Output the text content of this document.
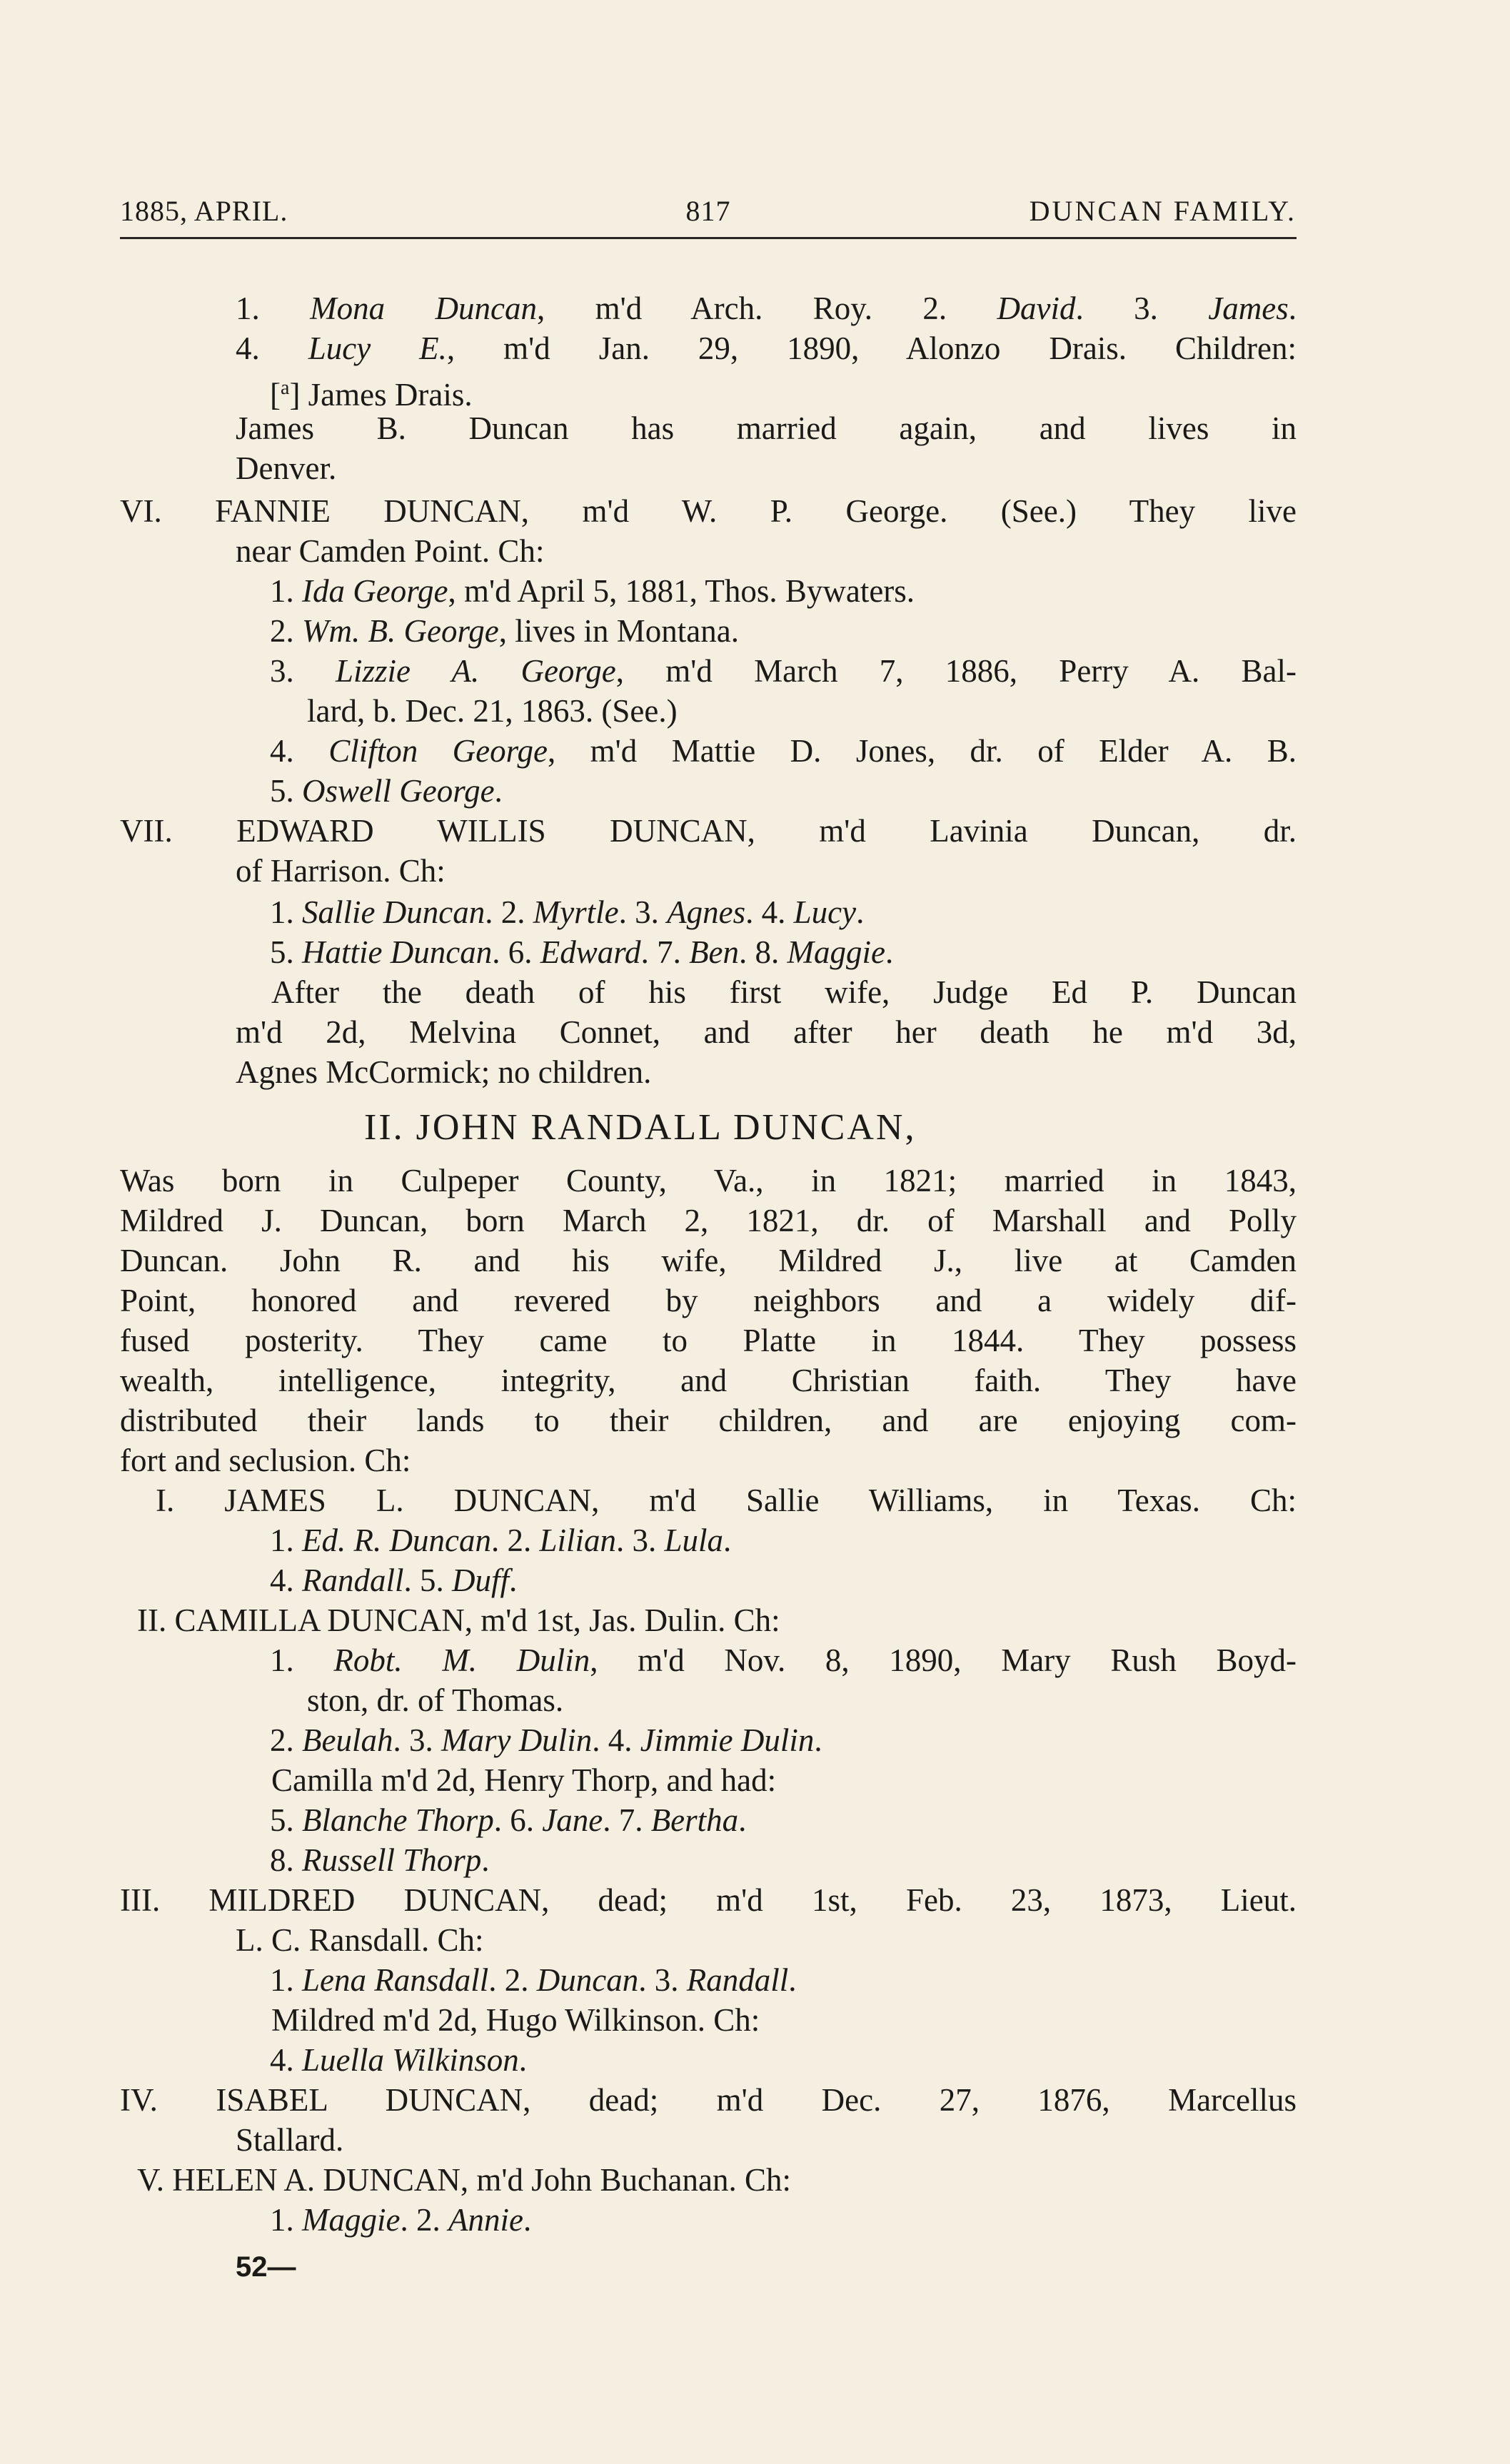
1885, APRIL.	817	DUNCAN FAMILY.
1. Mona Duncan, m'd Arch. Roy. 2. David. 3. James.
4. Lucy E., m'd Jan. 29, 1890, Alonzo Drais. Children:
[$^a$] James Drais.
James B. Duncan has married again, and lives in
Denver.
VI. FANNIE DUNCAN, m'd W. P. George. (See.) They live
near Camden Point. Ch:
1. Ida George, m'd April 5, 1881, Thos. Bywaters.
2. Wm. B. George, lives in Montana.
3. Lizzie A. George, m'd March 7, 1886, Perry A. Bal-
lard, b. Dec. 21, 1863. (See.)
4. Clifton George, m'd Mattie D. Jones, dr. of Elder A. B.
5. Oswell George.
VII. EDWARD WILLIS DUNCAN, m'd Lavinia Duncan, dr.
of Harrison. Ch:
1. Sallie Duncan. 2. Myrtle. 3. Agnes. 4. Lucy.
5. Hattie Duncan. 6. Edward. 7. Ben. 8. Maggie.
After the death of his first wife, Judge Ed P. Duncan
m'd 2d, Melvina Connet, and after her death he m'd 3d,
Agnes McCormick; no children.
II. JOHN RANDALL DUNCAN,
Was born in Culpeper County, Va., in 1821; married in 1843,
Mildred J. Duncan, born March 2, 1821, dr. of Marshall and Polly
Duncan. John R. and his wife, Mildred J., live at Camden
Point, honored and revered by neighbors and a widely dif-
fused posterity. They came to Platte in 1844. They possess
wealth, intelligence, integrity, and Christian faith. They have
distributed their lands to their children, and are enjoying com-
fort and seclusion. Ch:
I. JAMES L. DUNCAN, m'd Sallie Williams, in Texas. Ch:
1. Ed. R. Duncan. 2. Lilian. 3. Lula.
4. Randall. 5. Duff.
II. CAMILLA DUNCAN, m'd 1st, Jas. Dulin. Ch:
1. Robt. M. Dulin, m'd Nov. 8, 1890, Mary Rush Boyd-
ston, dr. of Thomas.
2. Beulah. 3. Mary Dulin. 4. Jimmie Dulin.
Camilla m'd 2d, Henry Thorp, and had:
5. Blanche Thorp. 6. Jane. 7. Bertha.
8. Russell Thorp.
III. MILDRED DUNCAN, dead; m'd 1st, Feb. 23, 1873, Lieut.
L. C. Ransdall. Ch:
1. Lena Ransdall. 2. Duncan. 3. Randall.
Mildred m'd 2d, Hugo Wilkinson. Ch:
4. Luella Wilkinson.
IV. ISABEL DUNCAN, dead; m'd Dec. 27, 1876, Marcellus
Stallard.
V. HELEN A. DUNCAN, m'd John Buchanan. Ch:
1. Maggie. 2. Annie.
52—
